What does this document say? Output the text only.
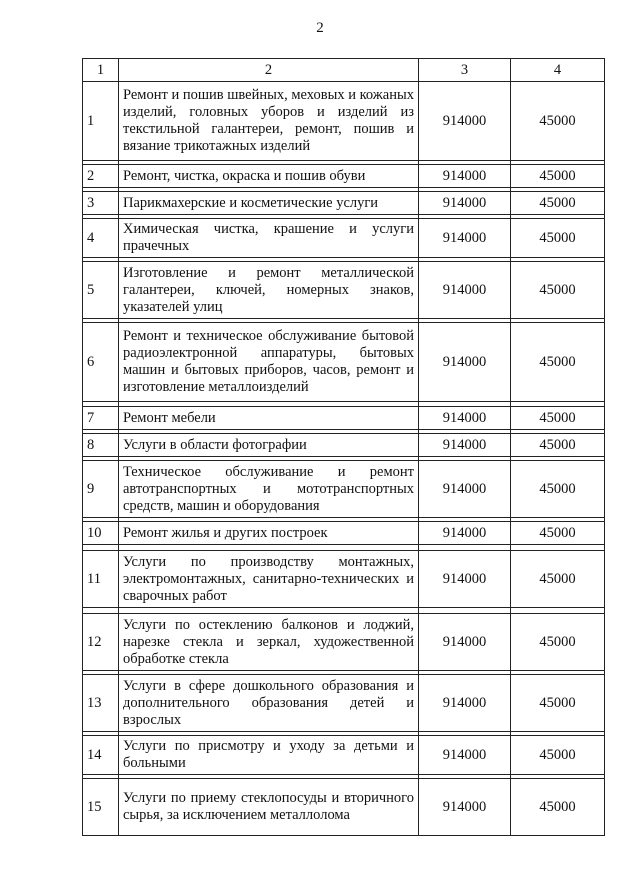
2
1	2	3	4
1	Ремонт и пошив швейных, меховых и кожаных изделий, головных уборов и изделий из текстильной галантереи, ремонт, пошив и вязание трикотажных изделий	914000	45000

2	Ремонт, чистка, окраска и пошив обуви	914000	45000

3	Парикмахерские и косметические услуги	914000	45000

4	Химическая чистка, крашение и услуги прачечных	914000	45000

5	Изготовление и ремонт металлической галантереи, ключей, номерных знаков, указателей улиц	914000	45000

6	Ремонт и техническое обслуживание бытовой радиоэлектронной аппаратуры, бытовых машин и бытовых приборов, часов, ремонт и изготовление металлоизделий	914000	45000

7	Ремонт мебели	914000	45000

8	Услуги в области фотографии	914000	45000

9	Техническое обслуживание и ремонт автотранспортных и мототранспортных средств, машин и оборудования	914000	45000

10	Ремонт жилья и других построек	914000	45000

11	Услуги по производству монтажных, электромонтажных, санитарно-технических и сварочных работ	914000	45000

12	Услуги по остеклению балконов и лоджий, нарезке стекла и зеркал, художественной обработке стекла	914000	45000

13	Услуги в сфере дошкольного образования и дополнительного образования детей и взрослых	914000	45000

14	Услуги по присмотру и уходу за детьми и больными	914000	45000

15	Услуги по приему стеклопосуды и вторичного сырья, за исключением металлолома	914000	45000
